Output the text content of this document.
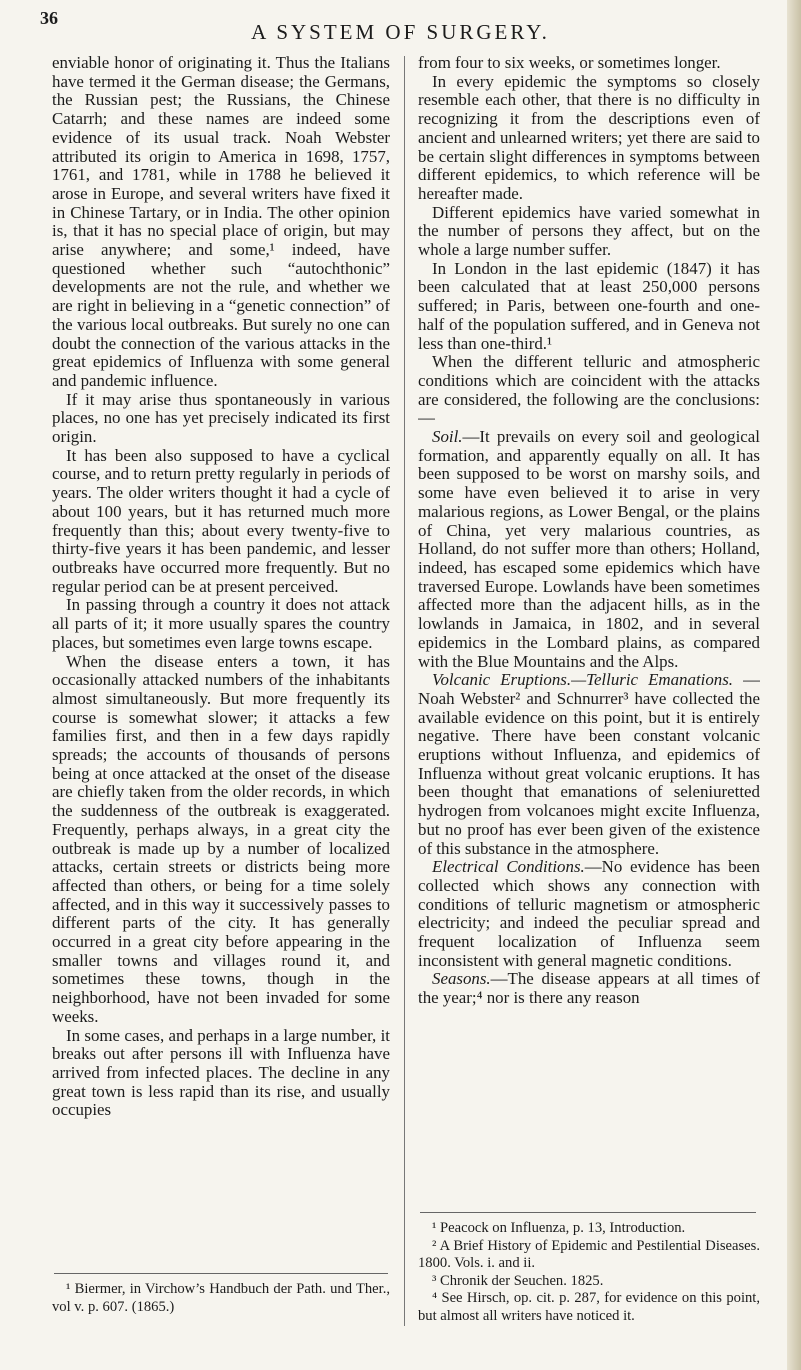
36
A SYSTEM OF SURGERY.

enviable honor of originating it. Thus the Italians have termed it the German disease; the Germans, the Russian pest; the Russians, the Chinese Catarrh; and these names are indeed some evidence of its usual track. Noah Webster attributed its origin to America in 1698, 1757, 1761, and 1781, while in 1788 he believed it arose in Europe, and several writers have fixed it in Chinese Tartary, or in India. The other opinion is, that it has no special place of origin, but may arise anywhere; and some,¹ indeed, have questioned whether such “autochthonic” developments are not the rule, and whether we are right in believing in a “genetic connection” of the various local outbreaks. But surely no one can doubt the connection of the various attacks in the great epidemics of Influenza with some general and pandemic influence.

If it may arise thus spontaneously in various places, no one has yet precisely indicated its first origin.

It has been also supposed to have a cyclical course, and to return pretty regularly in periods of years. The older writers thought it had a cycle of about 100 years, but it has returned much more frequently than this; about every twenty-five to thirty-five years it has been pandemic, and lesser outbreaks have occurred more frequently. But no regular period can be at present perceived.

In passing through a country it does not attack all parts of it; it more usually spares the country places, but sometimes even large towns escape.

When the disease enters a town, it has occasionally attacked numbers of the inhabitants almost simultaneously. But more frequently its course is somewhat slower; it attacks a few families first, and then in a few days rapidly spreads; the accounts of thousands of persons being at once attacked at the onset of the disease are chiefly taken from the older records, in which the suddenness of the outbreak is exaggerated. Frequently, perhaps always, in a great city the outbreak is made up by a number of localized attacks, certain streets or districts being more affected than others, or being for a time solely affected, and in this way it successively passes to different parts of the city. It has generally occurred in a great city before appearing in the smaller towns and villages round it, and sometimes these towns, though in the neighborhood, have not been invaded for some weeks.

In some cases, and perhaps in a large number, it breaks out after persons ill with Influenza have arrived from infected places. The decline in any great town is less rapid than its rise, and usually occupies

¹ Biermer, in Virchow’s Handbuch der Path. und Ther., vol v. p. 607. (1865.)

from four to six weeks, or sometimes longer.

In every epidemic the symptoms so closely resemble each other, that there is no difficulty in recognizing it from the descriptions even of ancient and unlearned writers; yet there are said to be certain slight differences in symptoms between different epidemics, to which reference will be hereafter made.

Different epidemics have varied somewhat in the number of persons they affect, but on the whole a large number suffer.

In London in the last epidemic (1847) it has been calculated that at least 250,000 persons suffered; in Paris, between one-fourth and one-half of the population suffered, and in Geneva not less than one-third.¹

When the different telluric and atmospheric conditions which are coincident with the attacks are considered, the following are the conclusions:—

Soil.—It prevails on every soil and geological formation, and apparently equally on all. It has been supposed to be worst on marshy soils, and some have even believed it to arise in very malarious regions, as Lower Bengal, or the plains of China, yet very malarious countries, as Holland, do not suffer more than others; Holland, indeed, has escaped some epidemics which have traversed Europe. Lowlands have been sometimes affected more than the adjacent hills, as in the lowlands in Jamaica, in 1802, and in several epidemics in the Lombard plains, as compared with the Blue Mountains and the Alps.

Volcanic Eruptions.—Telluric Emanations. —Noah Webster² and Schnurrer³ have collected the available evidence on this point, but it is entirely negative. There have been constant volcanic eruptions without Influenza, and epidemics of Influenza without great volcanic eruptions. It has been thought that emanations of seleniuretted hydrogen from volcanoes might excite Influenza, but no proof has ever been given of the existence of this substance in the atmosphere.

Electrical Conditions.—No evidence has been collected which shows any connection with conditions of telluric magnetism or atmospheric electricity; and indeed the peculiar spread and frequent localization of Influenza seem inconsistent with general magnetic conditions.

Seasons.—The disease appears at all times of the year;⁴ nor is there any reason

¹ Peacock on Influenza, p. 13, Introduction.

² A Brief History of Epidemic and Pestilential Diseases. 1800. Vols. i. and ii.

³ Chronik der Seuchen. 1825.

⁴ See Hirsch, op. cit. p. 287, for evidence on this point, but almost all writers have noticed it.
